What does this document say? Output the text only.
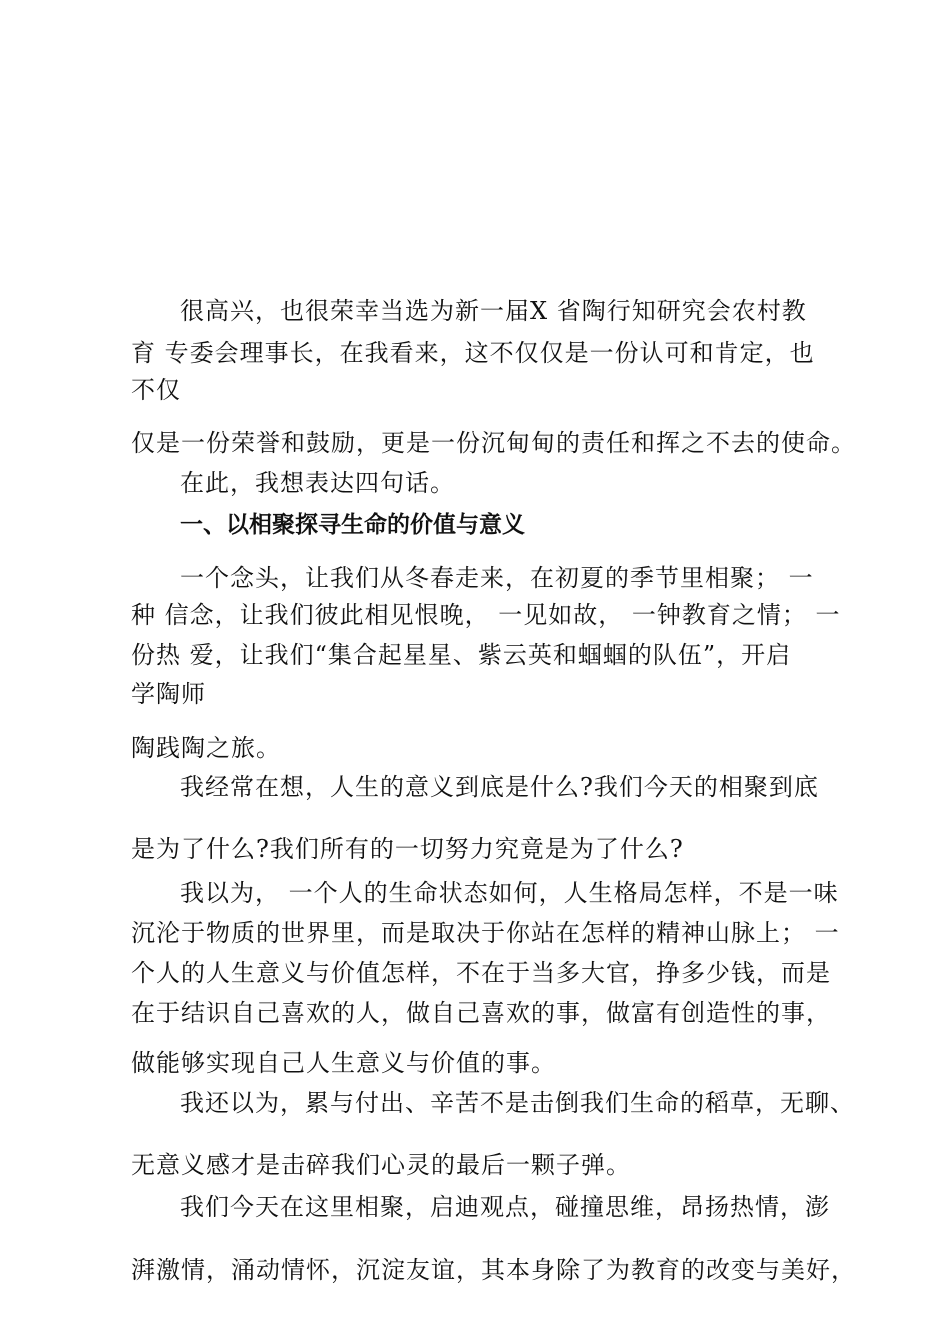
很高兴，也很荣幸当选为新一届X 省陶行知研究会农村教
育 专委会理事长，在我看来，这不仅仅是一份认可和肯定，也
不仅
仅是一份荣誉和鼓励，更是一份沉甸甸的责任和挥之不去的使命。
在此，我想表达四句话。
一、以相聚探寻生命的价值与意义
一个念头，让我们从冬春走来，在初夏的季节里相聚； 一
种 信念，让我们彼此相见恨晚， 一见如故， 一钟教育之情； 一
份热 爱，让我们“集合起星星、紫云英和蝈蝈的队伍”，开启
学陶师
陶践陶之旅。
我经常在想，人生的意义到底是什么?我们今天的相聚到底
是为了什么?我们所有的一切努力究竟是为了什么?
我以为， 一个人的生命状态如何，人生格局怎样，不是一味
沉沦于物质的世界里，而是取决于你站在怎样的精神山脉上； 一
个人的人生意义与价值怎样，不在于当多大官，挣多少钱，而是
在于结识自己喜欢的人，做自己喜欢的事，做富有创造性的事，
做能够实现自己人生意义与价值的事。
我还以为，累与付出、辛苦不是击倒我们生命的稻草，无聊、
无意义感才是击碎我们心灵的最后一颗子弹。
我们今天在这里相聚，启迪观点，碰撞思维，昂扬热情，澎
湃激情，涌动情怀，沉淀友谊，其本身除了为教育的改变与美好，
